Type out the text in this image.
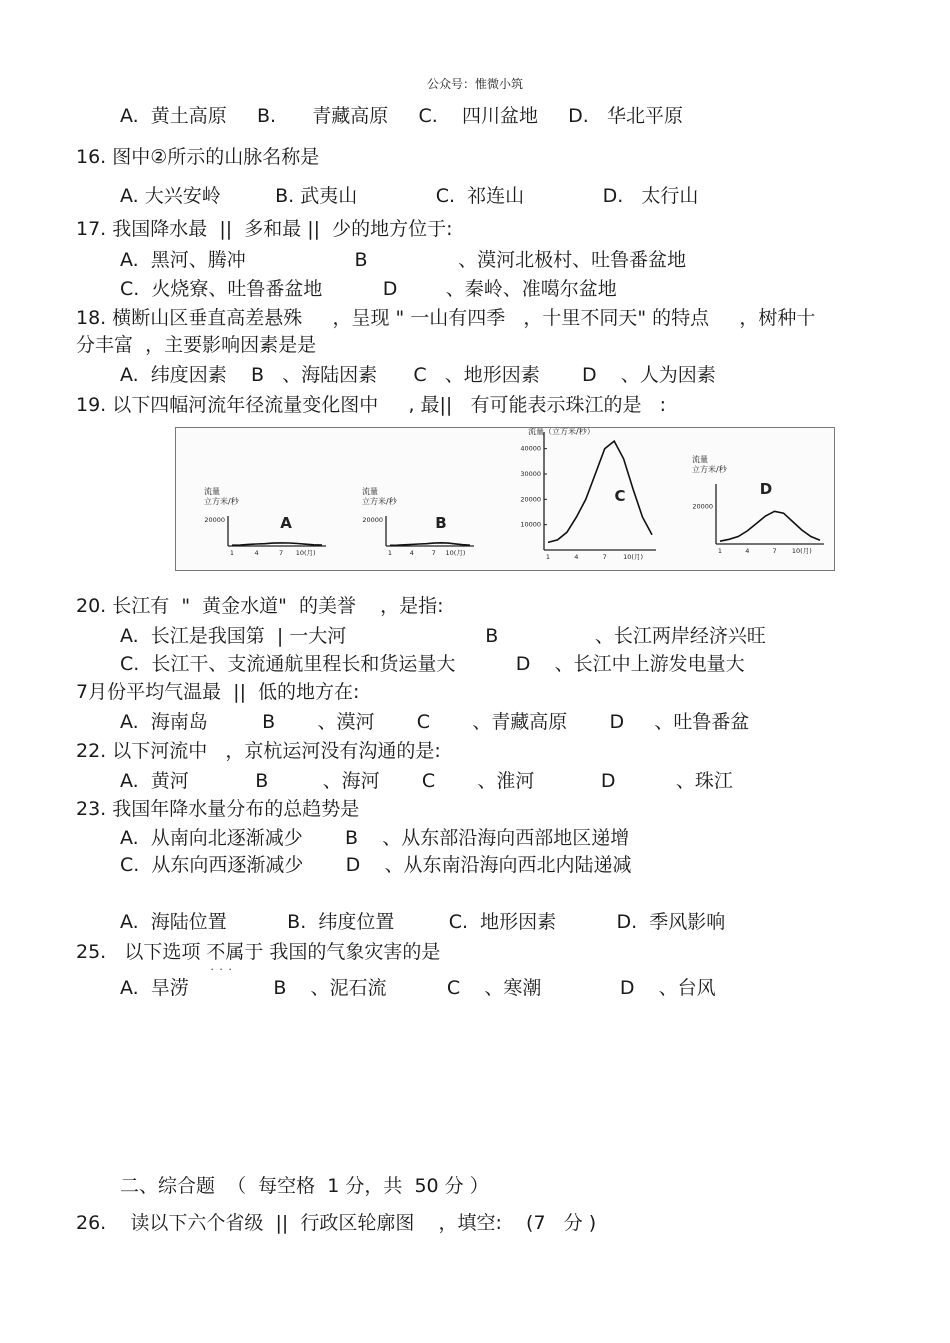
公众号：惟微小筑
A.  黄土高原     B.      青藏高原     C.    四川盆地     D.   华北平原
16. 图中②所示的山脉名称是
A. 大兴安岭         B. 武夷山             C.  祁连山             D.   太行山
17. 我国降水最  ||  多和最 ||  少的地方位于:
A.  黑河、腾冲                  B               、漠河北极村、吐鲁番盆地
C.  火烧寮、吐鲁番盆地          D        、秦岭、准噶尔盆地
18. 横断山区垂直高差悬殊     ，呈现 " 一山有四季   ，十里不同天" 的特点     ，树种十
分丰富  ，主要影响因素是是
A.  纬度因素    B   、海陆因素      C   、地形因素       D    、人为因素
19. 以下四幅河流年径流量变化图中     , 最||   有可能表示珠江的是   :
1	4	7 10(月)
20000
流量
立方米/秒
A
1	4	7 10(月)
20000
流量
立方米/秒
B
1	4	7	10(月)
10000
20000
30000
40000
流量（立方米/秒）
C
1	4	7 10(月)
20000
流量
立方米/秒
D
20. 长江有  "  黄金水道"  的美誉    ，是指:
A.  长江是我国第  | 一大河                       B                、长江两岸经济兴旺
C.  长江干、支流通航里程长和货运量大          D    、长江中上游发电量大
7月份平均气温最  ||  低的地方在:
A.  海南岛         B       、漠河       C       、青藏高原       D     、吐鲁番盆
22. 以下河流中   ，京杭运河没有沟通的是:
A.  黄河           B         、海河       C       、淮河           D          、珠江
23. 我国年降水量分布的总趋势是
A.  从南向北逐渐减少       B    、从东部沿海向西部地区递增
C.  从东向西逐渐减少       D    、从东南沿海向西北内陆递减
A.  海陆位置          B.  纬度位置         C.  地形因素          D.  季风影响
25.   以下选项 不属于 · · · 我国的气象灾害的是
A.  旱涝              B    、泥石流          C    、寒潮             D    、台风
二、综合题  （  每空格  1 分，共  50 分 ）
26.    读以下六个省级  ||  行政区轮廓图    ，填空:    (7   分 )
